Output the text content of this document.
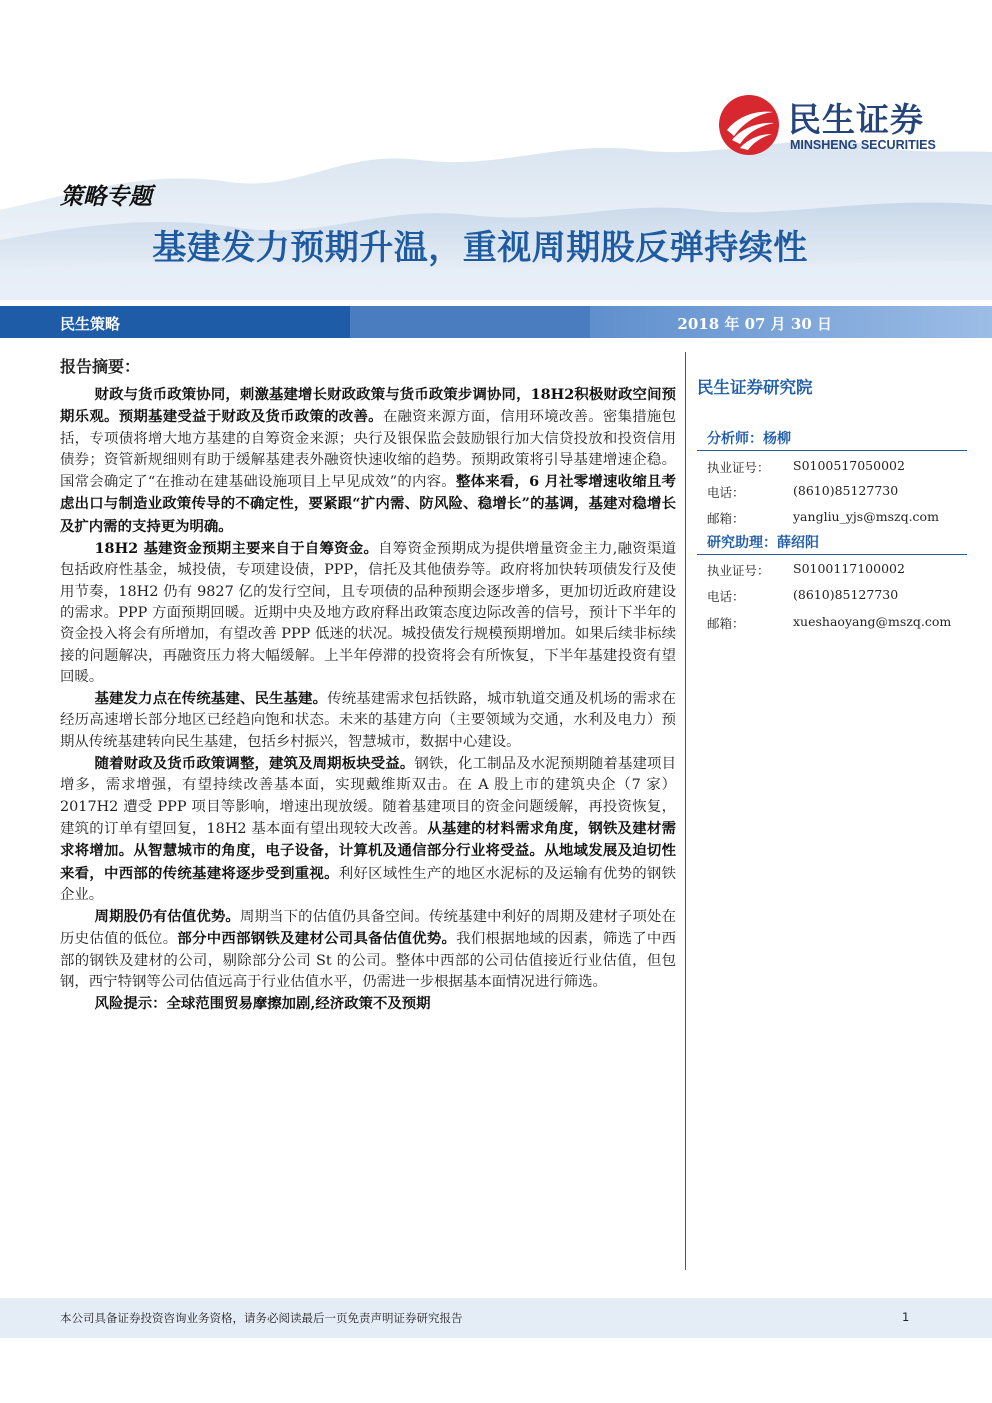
民生证券
MINSHENG SECURITIES
策略专题
基建发力预期升温，重视周期股反弹持续性
民生策略	2018 年 07 月 30 日
报告摘要：

财政与货币政策协同，刺激基建增长财政政策与货币政策步调协同，18H2积极财政空间预期乐观。预期基建受益于财政及货币政策的改善。在融资来源方面，信用环境改善。密集措施包括，专项债将增大地方基建的自筹资金来源；央行及银保监会鼓励银行加大信贷投放和投资信用债券；资管新规细则有助于缓解基建表外融资快速收缩的趋势。预期政策将引导基建增速企稳。国常会确定了“在推动在建基础设施项目上早见成效”的内容。整体来看，6 月社零增速收缩且考虑出口与制造业政策传导的不确定性，要紧跟“扩内需、防风险、稳增长”的基调，基建对稳增长及扩内需的支持更为明确。

18H2 基建资金预期主要来自于自筹资金。自筹资金预期成为提供增量资金主力,融资渠道包括政府性基金，城投债，专项建设债，PPP，信托及其他债券等。政府将加快转项债发行及使用节奏，18H2 仍有 9827 亿的发行空间，且专项债的品种预期会逐步增多，更加切近政府建设的需求。PPP 方面预期回暖。近期中央及地方政府释出政策态度边际改善的信号，预计下半年的资金投入将会有所增加，有望改善 PPP 低迷的状况。城投债发行规模预期增加。如果后续非标续接的问题解决，再融资压力将大幅缓解。上半年停滞的投资将会有所恢复，下半年基建投资有望回暖。

基建发力点在传统基建、民生基建。传统基建需求包括铁路，城市轨道交通及机场的需求在经历高速增长部分地区已经趋向饱和状态。未来的基建方向（主要领域为交通，水利及电力）预期从传统基建转向民生基建，包括乡村振兴，智慧城市，数据中心建设。

随着财政及货币政策调整，建筑及周期板块受益。钢铁，化工制品及水泥预期随着基建项目增多，需求增强，有望持续改善基本面，实现戴维斯双击。在 A 股上市的建筑央企（7 家）2017H2 遭受 PPP 项目等影响，增速出现放缓。随着基建项目的资金问题缓解，再投资恢复，建筑的订单有望回复，18H2 基本面有望出现较大改善。从基建的材料需求角度，钢铁及建材需求将增加。从智慧城市的角度，电子设备，计算机及通信部分行业将受益。从地域发展及迫切性来看，中西部的传统基建将逐步受到重视。利好区域性生产的地区水泥标的及运输有优势的钢铁企业。

周期股仍有估值优势。周期当下的估值仍具备空间。传统基建中利好的周期及建材子项处在历史估值的低位。部分中西部钢铁及建材公司具备估值优势。我们根据地域的因素，筛选了中西部的钢铁及建材的公司，剔除部分公司 St 的公司。整体中西部的公司估值接近行业估值，但包钢，西宁特钢等公司估值远高于行业估值水平，仍需进一步根据基本面情况进行筛选。

风险提示：全球范围贸易摩擦加剧,经济政策不及预期

民生证券研究院
分析师：杨柳
执业证号： S0100517050002
电话：	(8610)85127730
邮箱：	yangliu_yjs@mszq.com
研究助理：薛绍阳
执业证号： S0100117100002
电话：	(8610)85127730
邮箱：	xueshaoyang@mszq.com
本公司具备证券投资咨询业务资格，请务必阅读最后一页免责声明证券研究报告	1
